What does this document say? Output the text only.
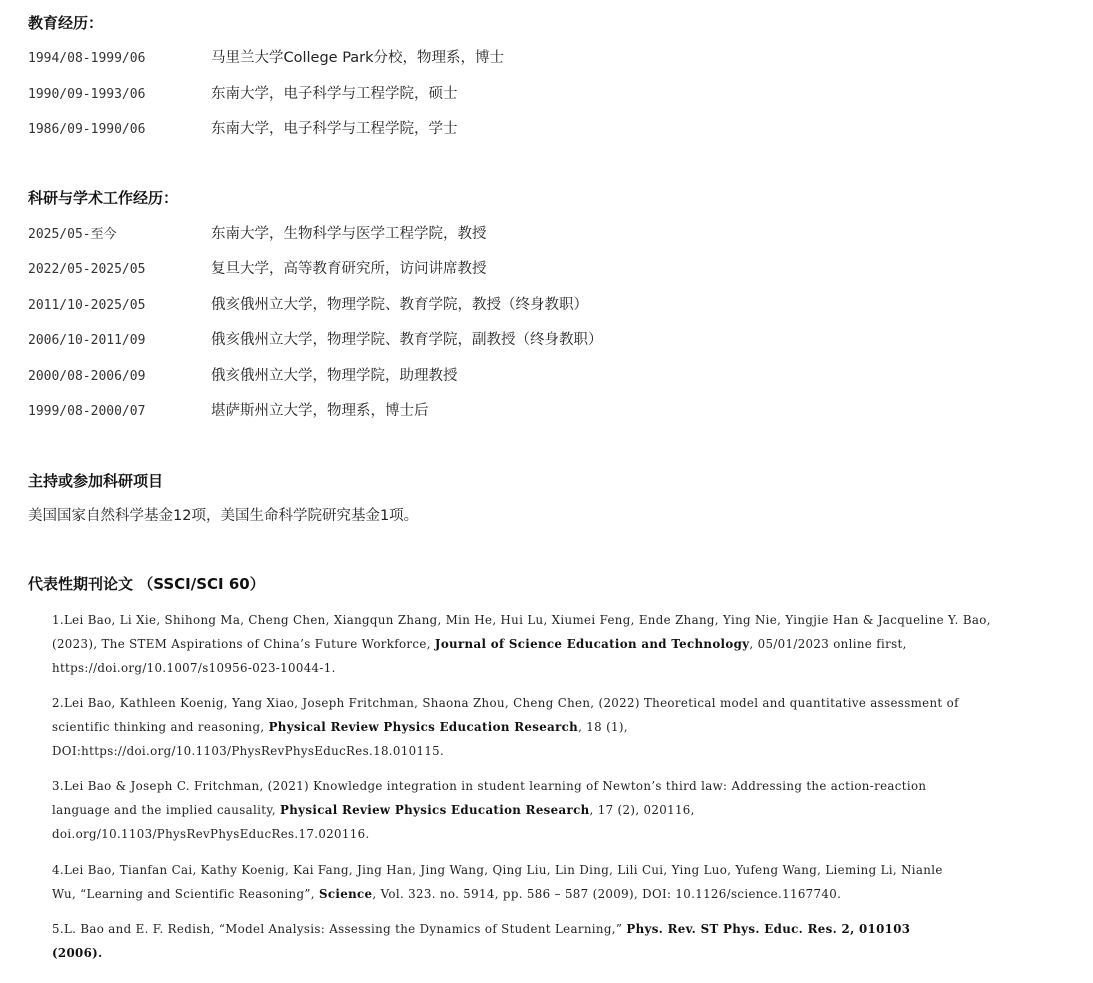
教育经历：
1994/08-1999/06	马里兰大学College Park分校，物理系，博士
1990/09-1993/06	东南大学，电子科学与工程学院，硕士
1986/09-1990/06	东南大学，电子科学与工程学院，学士
科研与学术工作经历：
2025/05-至今	东南大学，生物科学与医学工程学院，教授
2022/05-2025/05	复旦大学，高等教育研究所，访问讲席教授
2011/10-2025/05	俄亥俄州立大学，物理学院、教育学院，教授（终身教职）
2006/10-2011/09	俄亥俄州立大学，物理学院、教育学院，副教授（终身教职）
2000/08-2006/09	俄亥俄州立大学，物理学院，助理教授
1999/08-2000/07	堪萨斯州立大学，物理系，博士后
主持或参加科研项目
美国国家自然科学基金12项，美国生命科学院研究基金1项。
代表性期刊论文 （SSCI/SCI 60）
1.Lei Bao, Li Xie, Shihong Ma, Cheng Chen, Xiangqun Zhang, Min He, Hui Lu, Xiumei Feng, Ende Zhang, Ying Nie, Yingjie Han & Jacqueline Y. Bao,
(2023), The STEM Aspirations of China’s Future Workforce, Journal of Science Education and Technology, 05/01/2023 online first,
https://doi.org/10.1007/s10956-023-10044-1.
2.Lei Bao, Kathleen Koenig, Yang Xiao, Joseph Fritchman, Shaona Zhou, Cheng Chen, (2022) Theoretical model and quantitative assessment of
scientific thinking and reasoning, Physical Review Physics Education Research, 18 (1),
DOI:https://doi.org/10.1103/PhysRevPhysEducRes.18.010115.
3.Lei Bao & Joseph C. Fritchman, (2021) Knowledge integration in student learning of Newton’s third law: Addressing the action-reaction
language and the implied causality, Physical Review Physics Education Research, 17 (2), 020116,
doi.org/10.1103/PhysRevPhysEducRes.17.020116.
4.Lei Bao, Tianfan Cai, Kathy Koenig, Kai Fang, Jing Han, Jing Wang, Qing Liu, Lin Ding, Lili Cui, Ying Luo, Yufeng Wang, Lieming Li, Nianle
Wu, “Learning and Scientific Reasoning”, Science, Vol. 323. no. 5914, pp. 586 – 587 (2009), DOI: 10.1126/science.1167740.
5.L. Bao and E. F. Redish, “Model Analysis: Assessing the Dynamics of Student Learning,” Phys. Rev. ST Phys. Educ. Res. 2, 010103
(2006).
